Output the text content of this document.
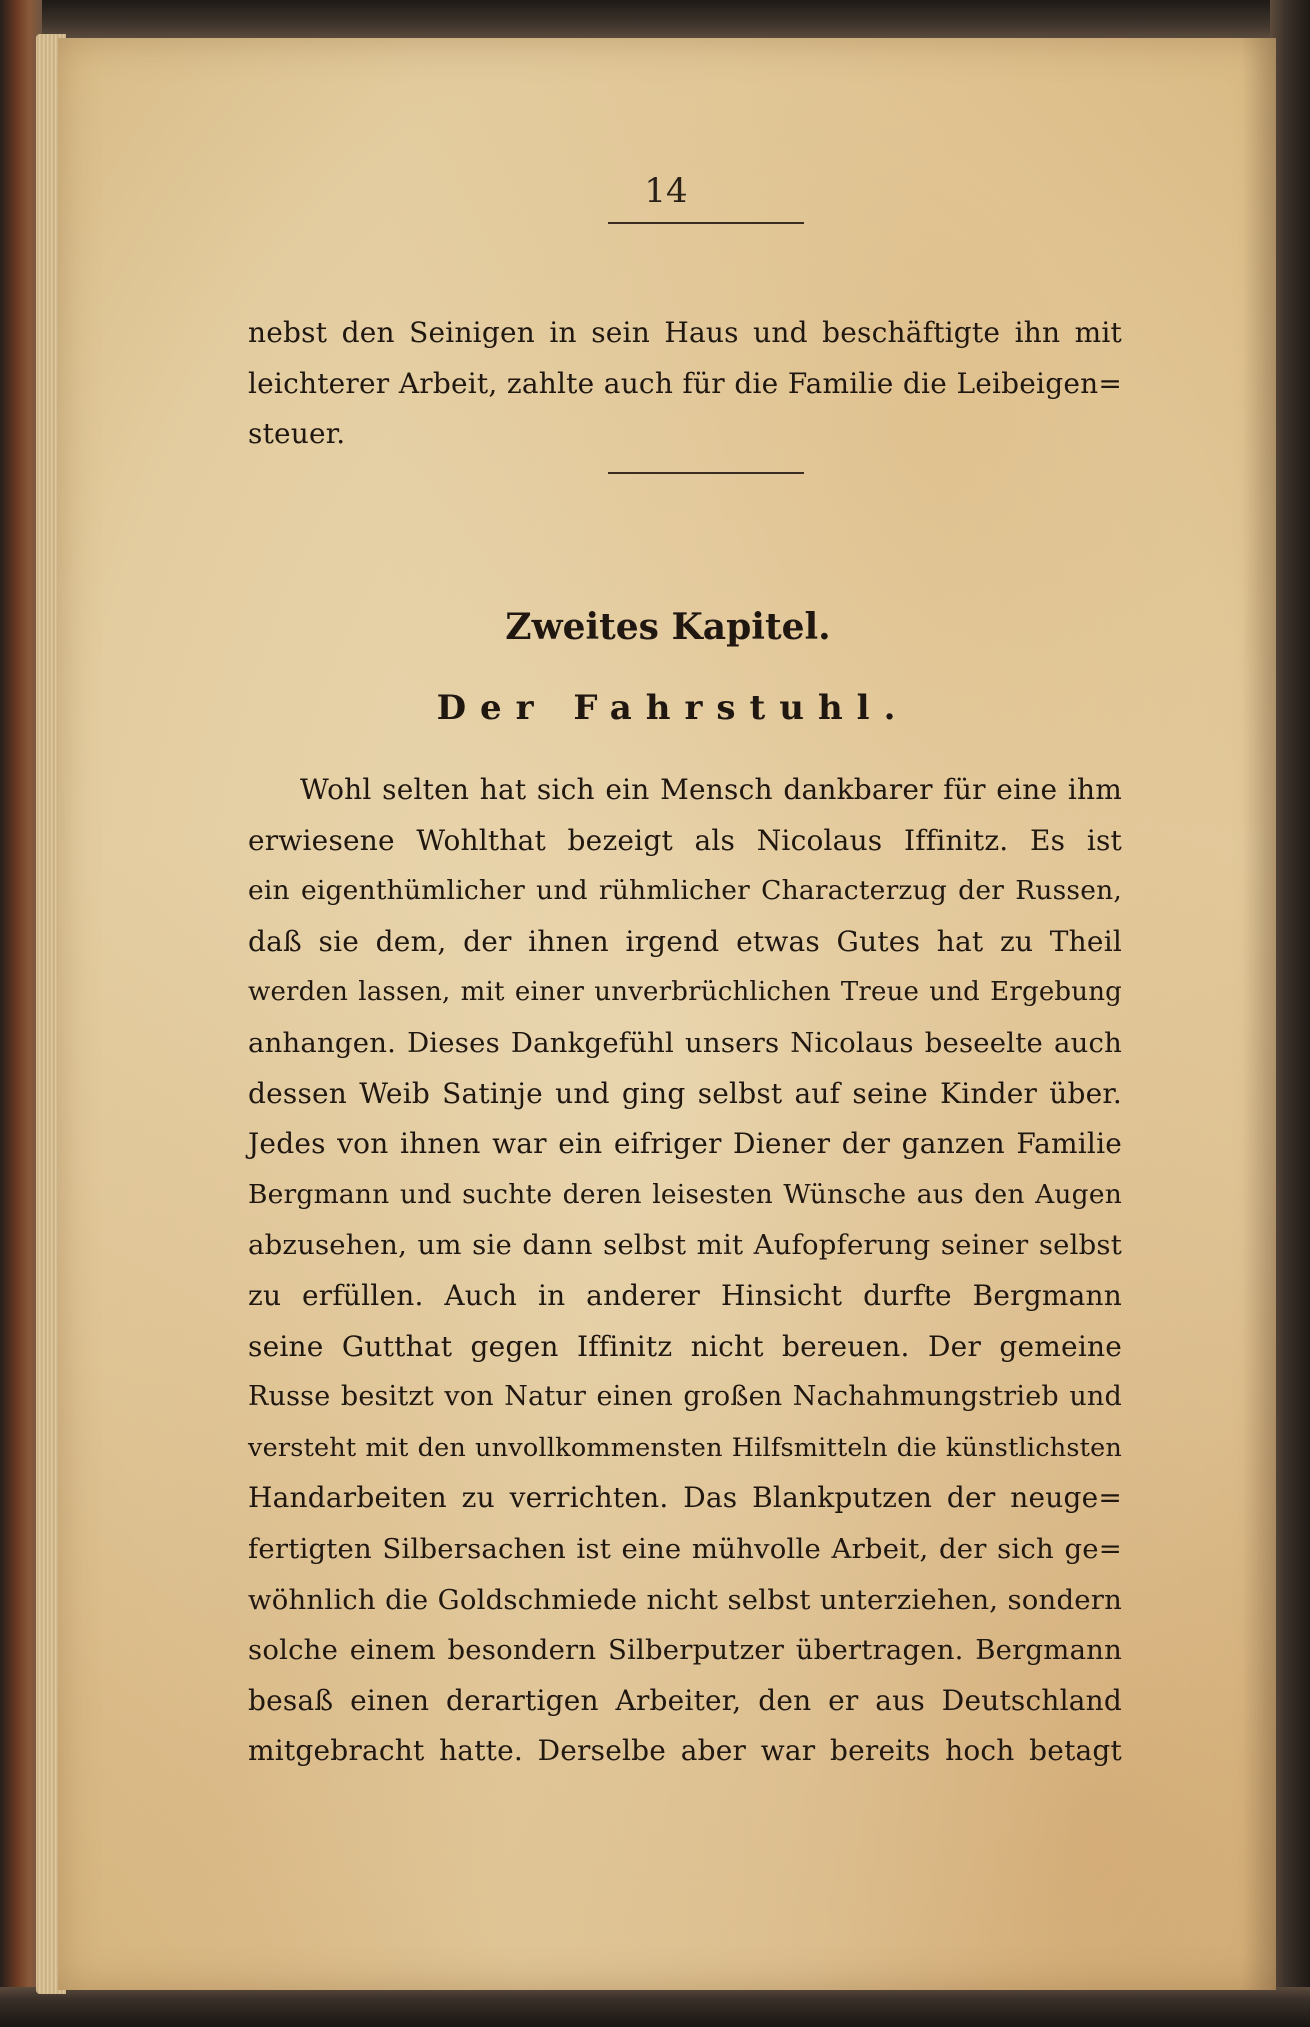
14
nebst den Seinigen in sein Haus und beschäftigte ihn mit
leichterer Arbeit, zahlte auch für die Familie die Leibeigen=
steuer.
Zweites Kapitel.
Der Fahrstuhl.
Wohl selten hat sich ein Mensch dankbarer für eine ihm
erwiesene Wohlthat bezeigt als Nicolaus Iffinitz. Es ist
ein eigenthümlicher und rühmlicher Characterzug der Russen,
daß sie dem, der ihnen irgend etwas Gutes hat zu Theil
werden lassen, mit einer unverbrüchlichen Treue und Ergebung
anhangen. Dieses Dankgefühl unsers Nicolaus beseelte auch
dessen Weib Satinje und ging selbst auf seine Kinder über.
Jedes von ihnen war ein eifriger Diener der ganzen Familie
Bergmann und suchte deren leisesten Wünsche aus den Augen
abzusehen, um sie dann selbst mit Aufopferung seiner selbst
zu erfüllen. Auch in anderer Hinsicht durfte Bergmann
seine Gutthat gegen Iffinitz nicht bereuen. Der gemeine
Russe besitzt von Natur einen großen Nachahmungstrieb und
versteht mit den unvollkommensten Hilfsmitteln die künstlichsten
Handarbeiten zu verrichten. Das Blankputzen der neuge=
fertigten Silbersachen ist eine mühvolle Arbeit, der sich ge=
wöhnlich die Goldschmiede nicht selbst unterziehen, sondern
solche einem besondern Silberputzer übertragen. Bergmann
besaß einen derartigen Arbeiter, den er aus Deutschland
mitgebracht hatte. Derselbe aber war bereits hoch betagt
